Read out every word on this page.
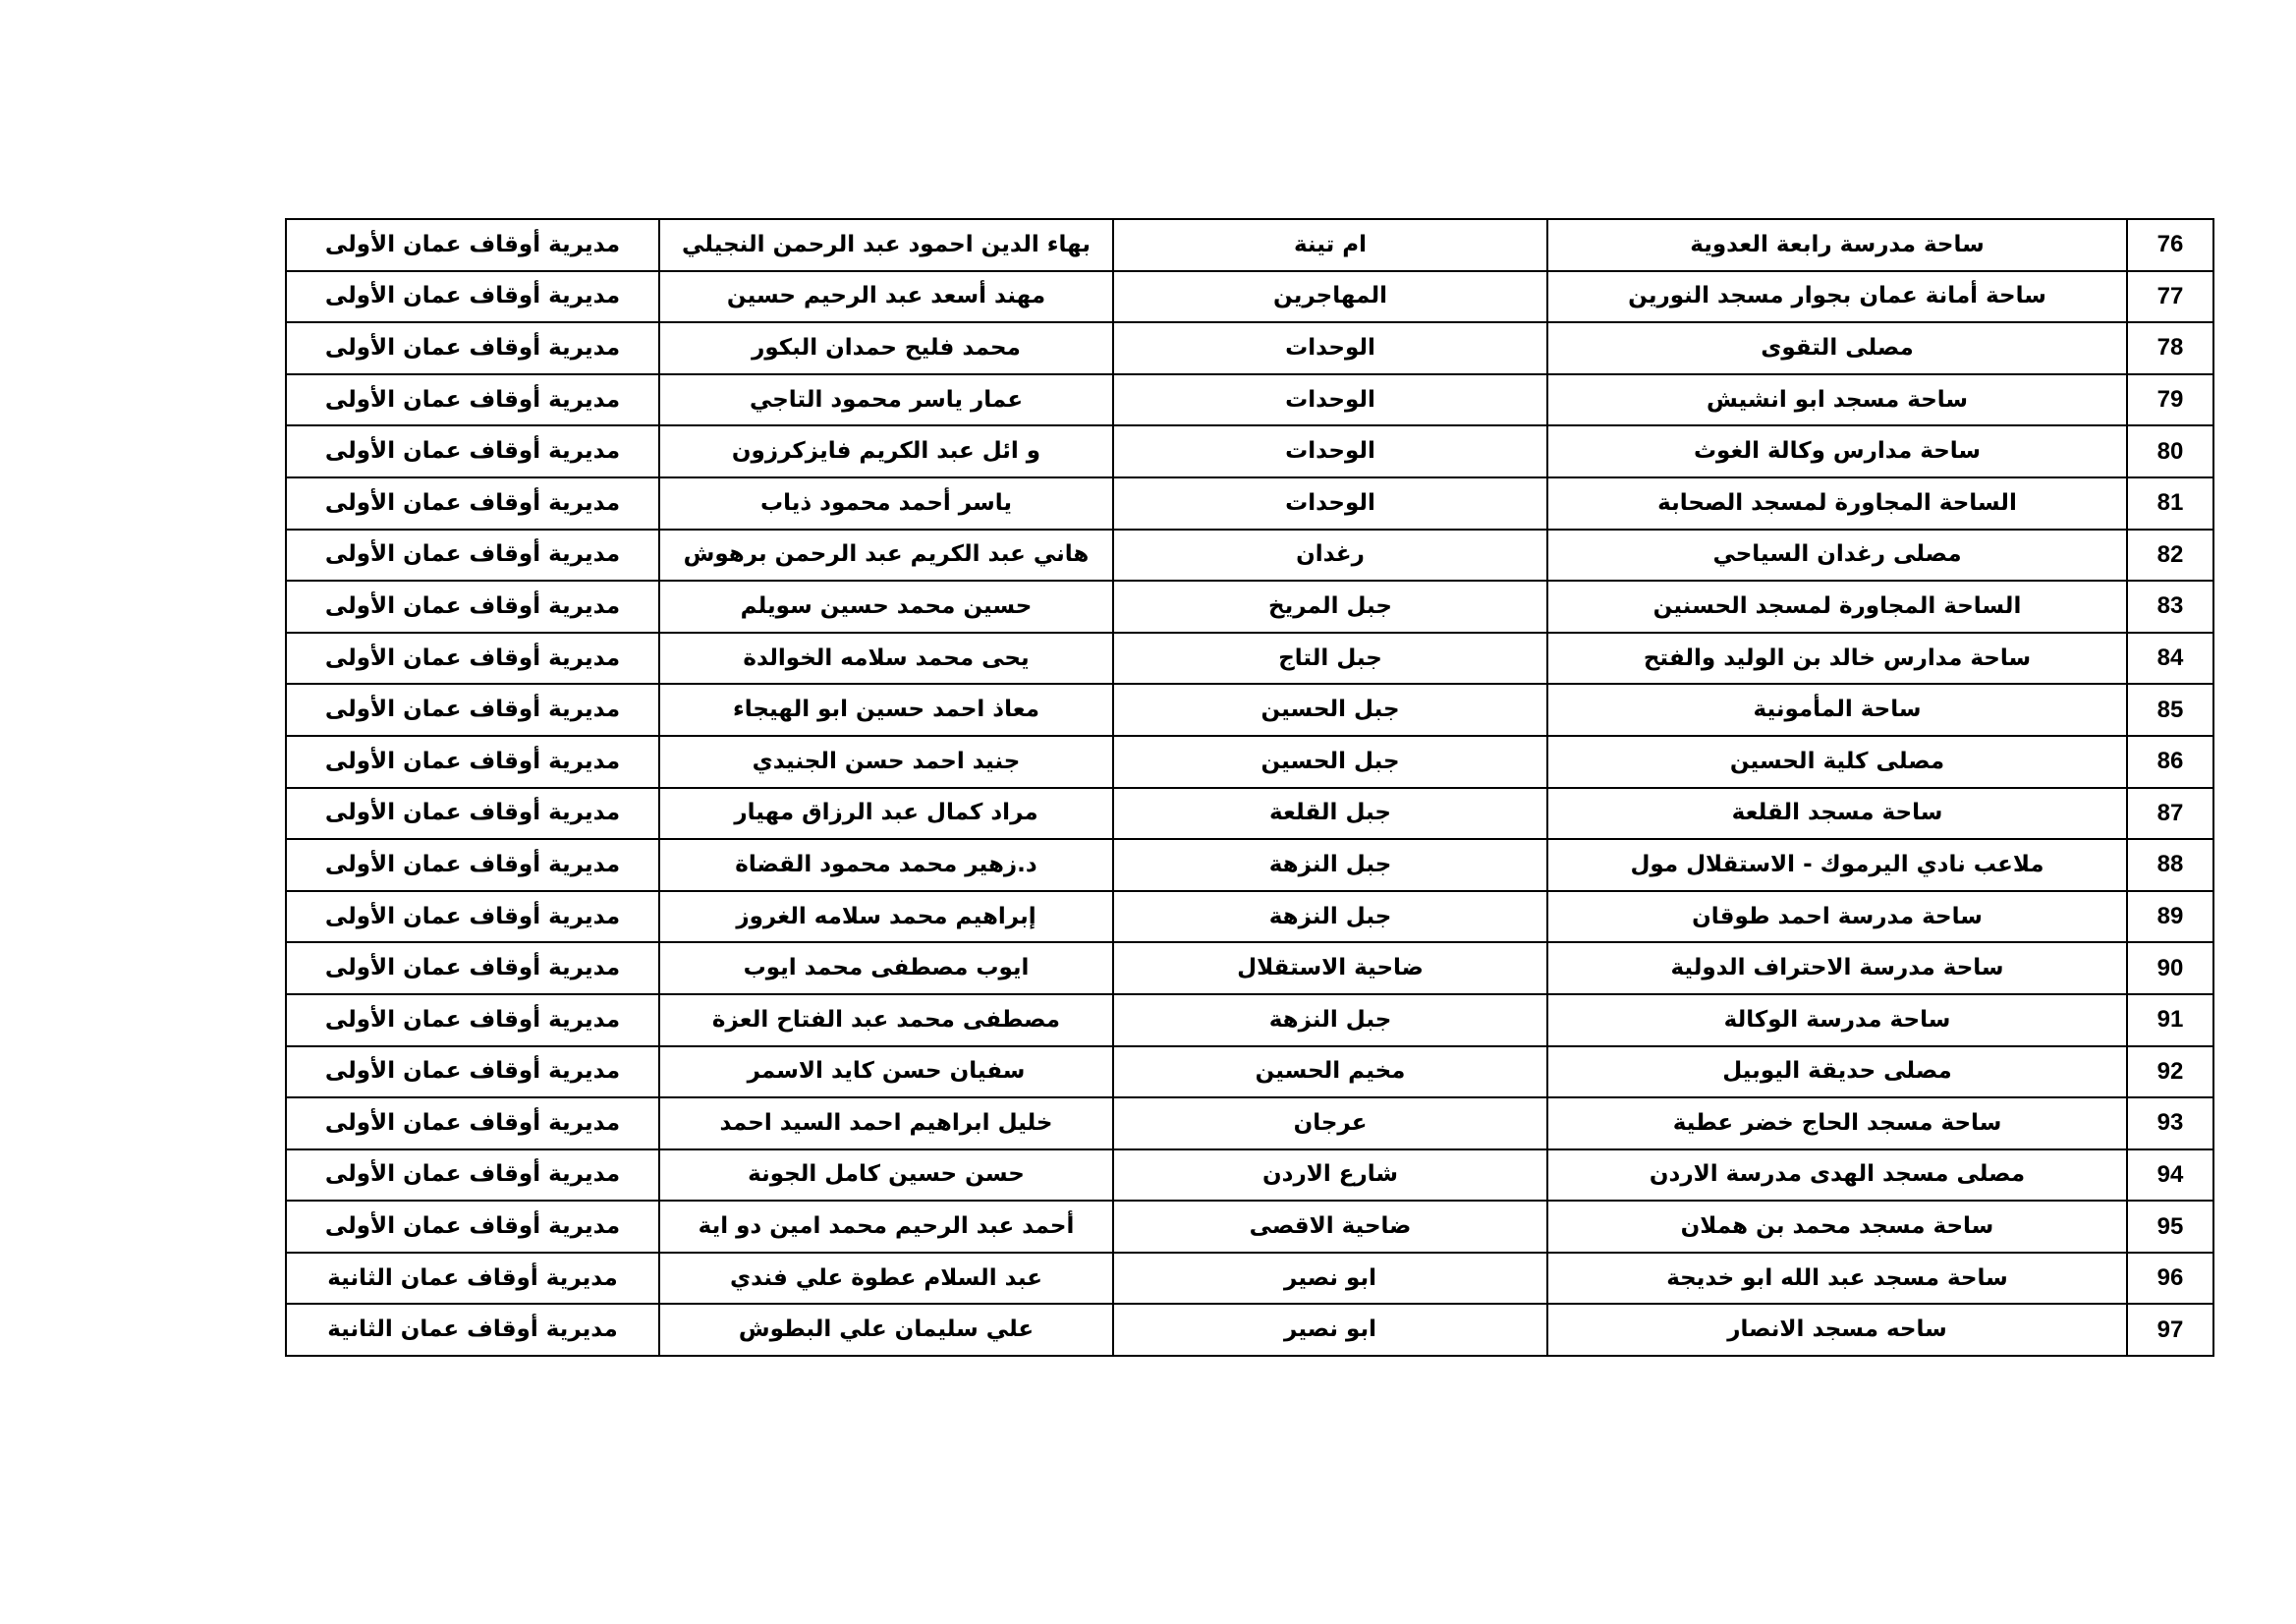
76	ساحة مدرسة رابعة العدوية	ام تينة	بهاء الدين احمود عبد الرحمن النجيلي	مديرية أوقاف عمان الأولى
77	ساحة أمانة عمان بجوار مسجد النورين	المهاجرين	مهند أسعد عبد الرحيم حسين	مديرية أوقاف عمان الأولى
78	مصلى التقوى	الوحدات	محمد فليح حمدان البكور	مديرية أوقاف عمان الأولى
79	ساحة مسجد ابو انشيش	الوحدات	عمار ياسر محمود التاجي	مديرية أوقاف عمان الأولى
80	ساحة مدارس وكالة الغوث	الوحدات	و ائل عبد الكريم فايزكرزون	مديرية أوقاف عمان الأولى
81	الساحة المجاورة لمسجد الصحابة	الوحدات	ياسر أحمد محمود ذياب	مديرية أوقاف عمان الأولى
82	مصلى رغدان السياحي	رغدان	هاني عبد الكريم عبد الرحمن برهوش	مديرية أوقاف عمان الأولى
83	الساحة المجاورة لمسجد الحسنين	جبل المريخ	حسين محمد حسين سويلم	مديرية أوقاف عمان الأولى
84	ساحة مدارس خالد بن الوليد والفتح	جبل التاج	يحى محمد سلامه الخوالدة	مديرية أوقاف عمان الأولى
85	ساحة المأمونية	جبل الحسين	معاذ احمد حسين ابو الهيجاء	مديرية أوقاف عمان الأولى
86	مصلى كلية الحسين	جبل الحسين	جنيد احمد حسن الجنيدي	مديرية أوقاف عمان الأولى
87	ساحة مسجد القلعة	جبل القلعة	مراد كمال عبد الرزاق مهيار	مديرية أوقاف عمان الأولى
88	ملاعب نادي اليرموك - الاستقلال مول	جبل النزهة	د.زهير محمد محمود القضاة	مديرية أوقاف عمان الأولى
89	ساحة مدرسة احمد طوقان	جبل النزهة	إبراهيم محمد سلامه الغروز	مديرية أوقاف عمان الأولى
90	ساحة مدرسة الاحتراف الدولية	ضاحية الاستقلال	ايوب مصطفى محمد ايوب	مديرية أوقاف عمان الأولى
91	ساحة مدرسة الوكالة	جبل النزهة	مصطفى محمد عبد الفتاح العزة	مديرية أوقاف عمان الأولى
92	مصلى حديقة اليوبيل	مخيم الحسين	سفيان حسن كايد الاسمر	مديرية أوقاف عمان الأولى
93	ساحة مسجد الحاج خضر عطية	عرجان	خليل ابراهيم احمد السيد احمد	مديرية أوقاف عمان الأولى
94	مصلى مسجد الهدى مدرسة الاردن	شارع الاردن	حسن حسين كامل الجونة	مديرية أوقاف عمان الأولى
95	ساحة مسجد محمد بن هملان	ضاحية الاقصى	أحمد عبد الرحيم محمد امين دو اية	مديرية أوقاف عمان الأولى
96	ساحة مسجد عبد الله ابو خديجة	ابو نصير	عبد السلام عطوة علي فندي	مديرية أوقاف عمان الثانية
97	ساحه مسجد الانصار	ابو نصير	علي سليمان علي البطوش	مديرية أوقاف عمان الثانية
